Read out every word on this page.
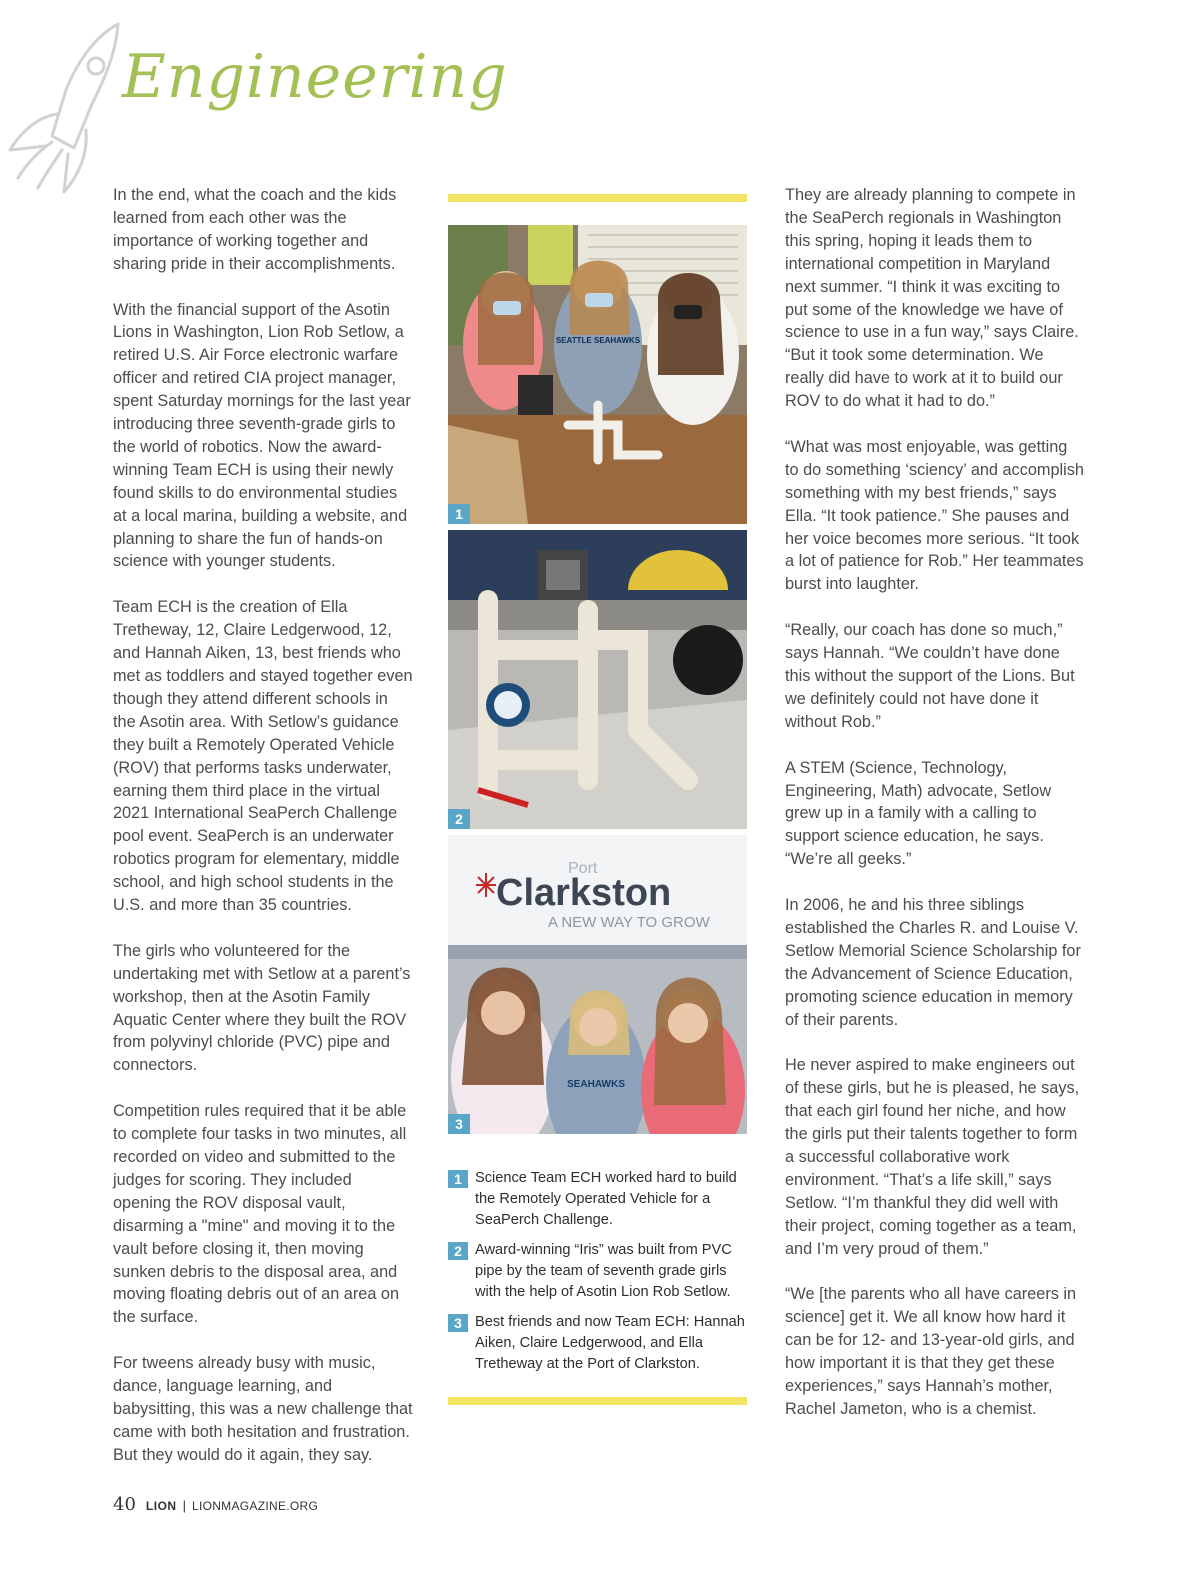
Engineering

In the end, what the coach and the kids learned from each other was the importance of working together and sharing pride in their accomplishments.

With the financial support of the Asotin Lions in Washington, Lion Rob Setlow, a retired U.S. Air Force electronic warfare officer and retired CIA project manager, spent Saturday mornings for the last year introducing three seventh-grade girls to the world of robotics. Now the award-winning Team ECH is using their newly found skills to do environmental studies at a local marina, building a website, and planning to share the fun of hands-on science with younger students.

Team ECH is the creation of Ella Tretheway, 12, Claire Ledgerwood, 12, and Hannah Aiken, 13, best friends who met as toddlers and stayed together even though they attend different schools in the Asotin area. With Setlow’s guidance they built a Remotely Operated Vehicle (ROV) that performs tasks underwater, earning them third place in the virtual 2021 International SeaPerch Challenge pool event. SeaPerch is an underwater robotics program for elementary, middle school, and high school students in the U.S. and more than 35 countries.

The girls who volunteered for the undertaking met with Setlow at a parent’s workshop, then at the Asotin Family Aquatic Center where they built the ROV from polyvinyl chloride (PVC) pipe and connectors.

Competition rules required that it be able to complete four tasks in two minutes, all recorded on video and submitted to the judges for scoring. They included opening the ROV disposal vault, disarming a "mine" and moving it to the vault before closing it, then moving sunken debris to the disposal area, and moving floating debris out of an area on the surface.

For tweens already busy with music, dance, language learning, and babysitting, this was a new challenge that came with both hesitation and frustration. But they would do it again, they say.

SEATTLE SEAHAWKS
1
2
Port
Clarkston
A NEW WAY TO GROW
SEAHAWKS
3
1 Science Team ECH worked hard to build the Remotely Operated Vehicle for a SeaPerch Challenge.
2 Award-winning “Iris” was built from PVC pipe by the team of seventh grade girls with the help of Asotin Lion Rob Setlow.
3 Best friends and now Team ECH: Hannah Aiken, Claire Ledgerwood, and Ella Tretheway at the Port of Clarkston.

They are already planning to compete in the SeaPerch regionals in Washington this spring, hoping it leads them to international competition in Maryland next summer. “I think it was exciting to put some of the knowledge we have of science to use in a fun way,” says Claire. “But it took some determination. We really did have to work at it to build our ROV to do what it had to do.”

“What was most enjoyable, was getting to do something ‘sciency’ and accomplish something with my best friends,” says Ella. “It took patience.” She pauses and her voice becomes more serious. “It took a lot of patience for Rob.” Her teammates burst into laughter.

“Really, our coach has done so much,” says Hannah. “We couldn’t have done this without the support of the Lions. But we definitely could not have done it without Rob.”

A STEM (Science, Technology, Engineering, Math) advocate, Setlow grew up in a family with a calling to support science education, he says. “We’re all geeks.”

In 2006, he and his three siblings established the Charles R. and Louise V. Setlow Memorial Science Scholarship for the Advancement of Science Education, promoting science education in memory of their parents.

He never aspired to make engineers out of these girls, but he is pleased, he says, that each girl found her niche, and how the girls put their talents together to form a successful collaborative work environment. “That’s a life skill,” says Setlow. “I’m thankful they did well with their project, coming together as a team, and I’m very proud of them.”

“We [the parents who all have careers in science] get it. We all know how hard it can be for 12- and 13-year-old girls, and how important it is that they get these experiences,” says Hannah’s mother, Rachel Jameton, who is a chemist.

40 LION | LIONMAGAZINE.ORG
